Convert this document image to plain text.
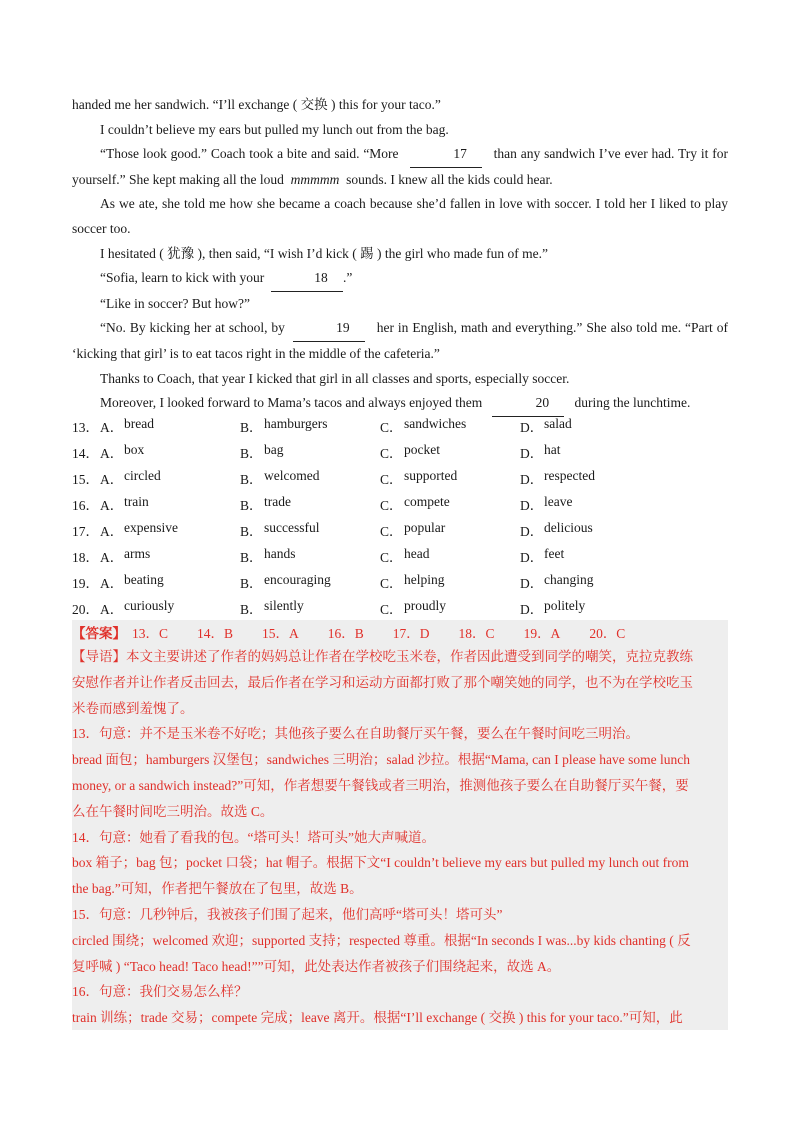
handed me her sandwich. “I’ll exchange ( 交换 ) this for your taco.”

I couldn’t believe my ears but pulled my lunch out from the bag.

“Those look good.” Coach took a bite and said. “More	17 than any sandwich I’ve ever had. Try it for yourself.” She kept making all the loud mmmmm sounds. I knew all the kids could hear.

As we ate, she told me how she became a coach because she’d fallen in love with soccer. I told her I liked to play soccer too.

I hesitated ( 犹豫 ), then said, “I wish I’d kick ( 踢 ) the girl who made fun of me.”

“Sofia, learn to kick with your	18 .”

“Like in soccer? But how?”

“No. By kicking her at school, by	19 her in English, math and everything.” She also told me. “Part of ‘kicking that girl’ is to eat tacos right in the middle of the cafeteria.”

Thanks to Coach, that year I kicked that girl in all classes and sports, especially soccer.

Moreover, I looked forward to Mama’s tacos and always enjoyed them	20 during the lunchtime.

13． A． bread	B． hamburgers	C． sandwiches	D． salad
14． A． box	B． bag	C． pocket	D． hat
15． A． circled	B． welcomed	C． supported	D． respected
16． A． train	B． trade	C． compete	D． leave
17． A． expensive	B． successful	C． popular	D． delicious
18． A． arms	B． hands	C． head	D． feet
19． A． beating	B． encouraging	C． helping	D． changing
20． A． curiously	B． silently	C． proudly	D． politely
【答案】 13．C 14．B 15．A 16．B 17．D 18．C 19．A 20．C

【导语】本文主要讲述了作者的妈妈总让作者在学校吃玉米卷，作者因此遭受到同学的嘲笑，克拉克教练

安慰作者并让作者反击回去，最后作者在学习和运动方面都打败了那个嘲笑她的同学，也不为在学校吃玉

米卷而感到羞愧了。

13．句意：并不是玉米卷不好吃；其他孩子要么在自助餐厅买午餐，要么在午餐时间吃三明治。

bread 面包；hamburgers 汉堡包；sandwiches 三明治；salad 沙拉。根据“Mama, can I please have some lunch

money, or a sandwich instead?”可知，作者想要午餐钱或者三明治，推测他孩子要么在自助餐厅买午餐，要

么在午餐时间吃三明治。故选 C。

14．句意：她看了看我的包。“塔可头！塔可头”她大声喊道。

box 箱子；bag 包；pocket 口袋；hat 帽子。根据下文“I couldn’t believe my ears but pulled my lunch out from

the bag.”可知，作者把午餐放在了包里，故选 B。

15．句意：几秒钟后，我被孩子们围了起来，他们高呼“塔可头！塔可头”

circled 围绕；welcomed 欢迎；supported 支持；respected 尊重。根据“In seconds I was...by kids chanting ( 反

复呼喊 ) “Taco head! Taco head!””可知，此处表达作者被孩子们围绕起来，故选 A。

16．句意：我们交易怎么样？

train 训练；trade 交易；compete 完成；leave 离开。根据“I’ll exchange ( 交换 ) this for your taco.”可知，此
